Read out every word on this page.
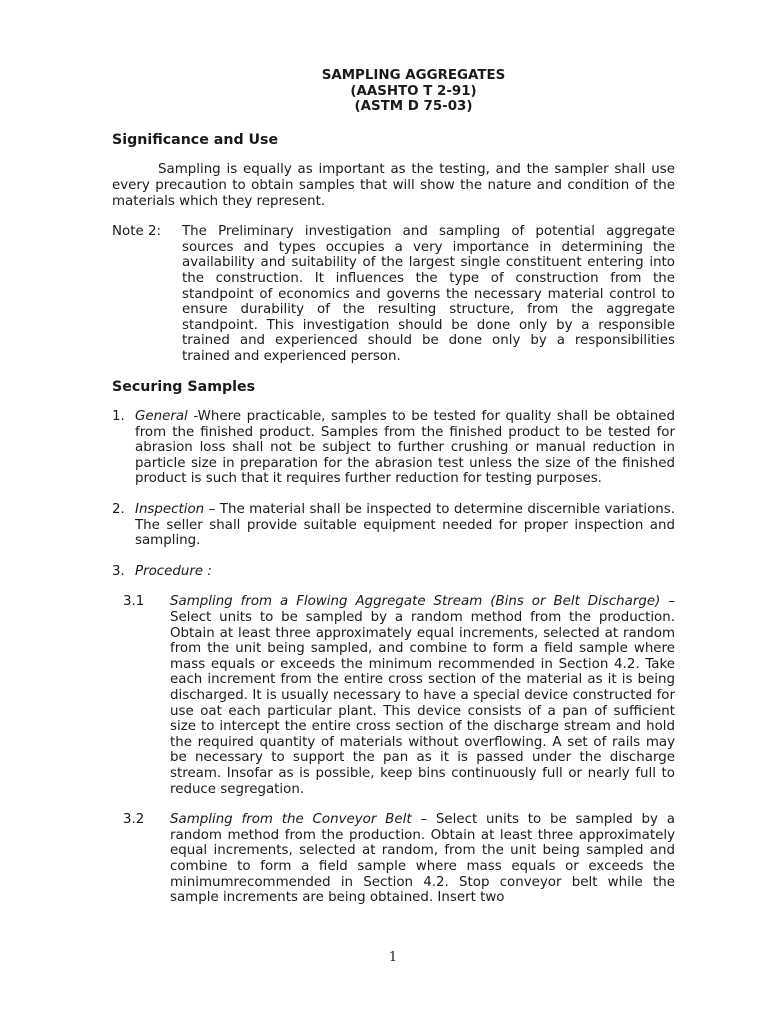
SAMPLING AGGREGATES
(AASHTO T 2-91)
(ASTM D 75-03)
Significance and Use

Sampling is equally as important as the testing, and the sampler shall use every precaution to obtain samples that will show the nature and condition of the materials which they represent.

Note 2:	The Preliminary investigation and sampling of potential aggregate sources and types occupies a very importance in determining the availability and suitability of the largest single constituent entering into the construction. It influences the type of construction from the standpoint of economics and governs the necessary material control to ensure durability of the resulting structure, from the aggregate standpoint. This investigation should be done only by a responsible trained and experienced should be done only by a responsibilities trained and experienced person.

Securing Samples
1. General -Where practicable, samples to be tested for quality shall be obtained from the finished product. Samples from the finished product to be tested for abrasion loss shall not be subject to further crushing or manual reduction in particle size in preparation for the abrasion test unless the size of the finished product is such that it requires further reduction for testing purposes.

2. Inspection – The material shall be inspected to determine discernible variations. The seller shall provide suitable equipment needed for proper inspection and sampling.

3. Procedure :

3.1	Sampling from a Flowing Aggregate Stream (Bins or Belt Discharge) – Select units to be sampled by a random method from the production. Obtain at least three approximately equal increments, selected at random from the unit being sampled, and combine to form a field sample where mass equals or exceeds the minimum recommended in Section 4.2. Take each increment from the entire cross section of the material as it is being discharged. It is usually necessary to have a special device constructed for use oat each particular plant. This device consists of a pan of sufficient size to intercept the entire cross section of the discharge stream and hold the required quantity of materials without overflowing. A set of rails may be necessary to support the pan as it is passed under the discharge stream. Insofar as is possible, keep bins continuously full or nearly full to reduce segregation.

3.2	Sampling from the Conveyor Belt – Select units to be sampled by a random method from the production. Obtain at least three approximately equal increments, selected at random, from the unit being sampled and combine to form a field sample where mass equals or exceeds the minimumrecommended in Section 4.2. Stop conveyor belt while the sample increments are being obtained. Insert two

1
